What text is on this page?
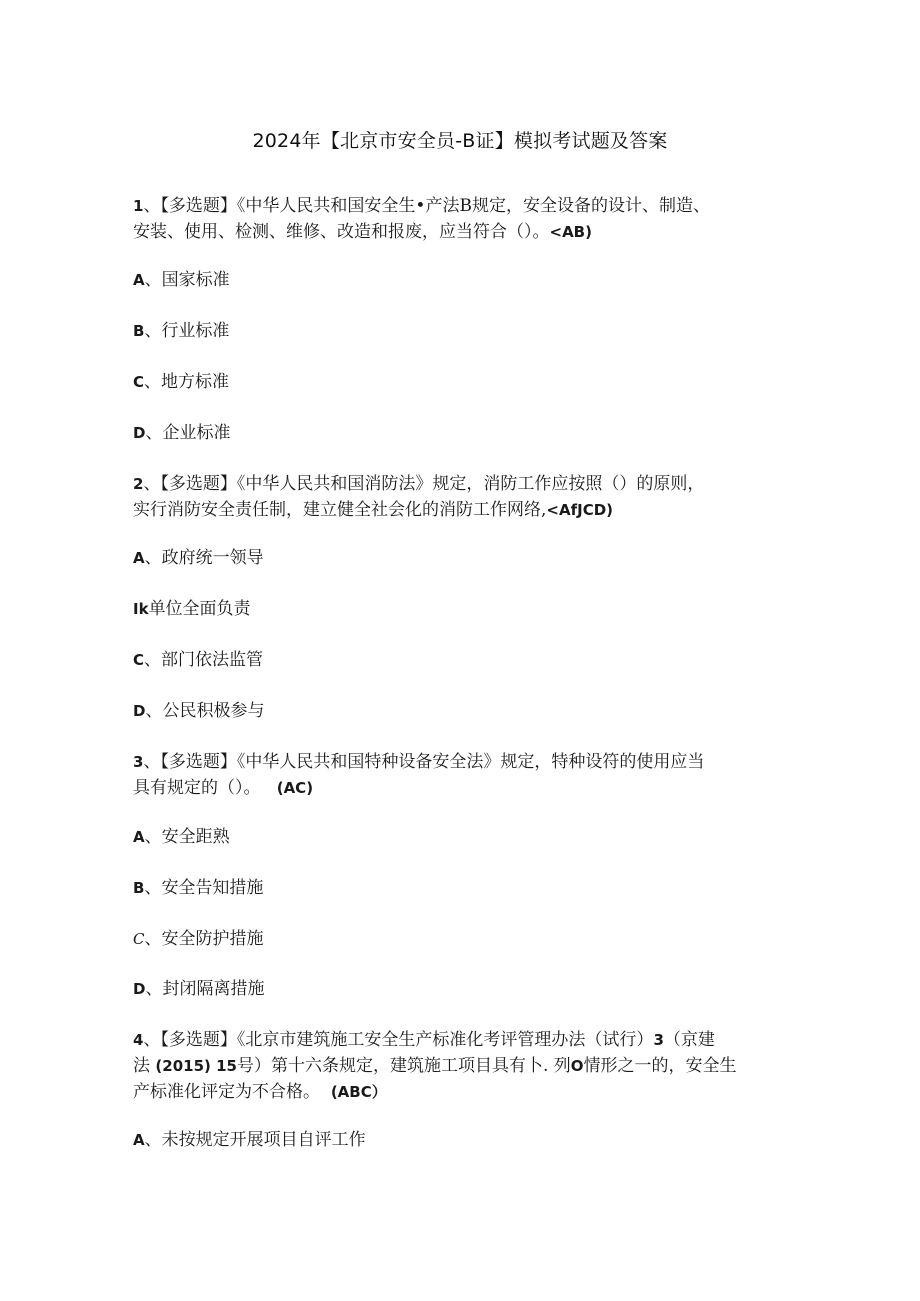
2024年【北京市安全员-B证】模拟考试题及答案
1、【多选题】《中华人民共和国安全生•产法B规定，安全设备的设计、制造、
安装、使用、检测、维修、改造和报废，应当符合（）。<AB)
A、国家标准
B、行业标准
C、地方标准
D、企业标准
2、【多选题】《中华人民共和国消防法》规定，消防工作应按照（）的原则，
实行消防安全责任制，建立健全社会化的消防工作网络,<AfJCD)
A、政府统一领导
Ik单位全面负责
C、部门依法监管
D、公民积极参与
3、【多选题】《中华人民共和国特种设备安全法》规定，特种设符的使用应当
具有规定的（）。 (AC)
A、安全距熟
B、安全告知措施
C、安全防护措施
D、封闭隔离措施
4、【多选题】《北京市建筑施工安全生产标准化考评管理办法（试行）3（京建
法 (2015) 15号）第十六条规定，建筑施工项目具有卜. 列O情形之一的，安全生
产标准化评定为不合格。 (ABC）
A、未按规定开展项目自评工作
